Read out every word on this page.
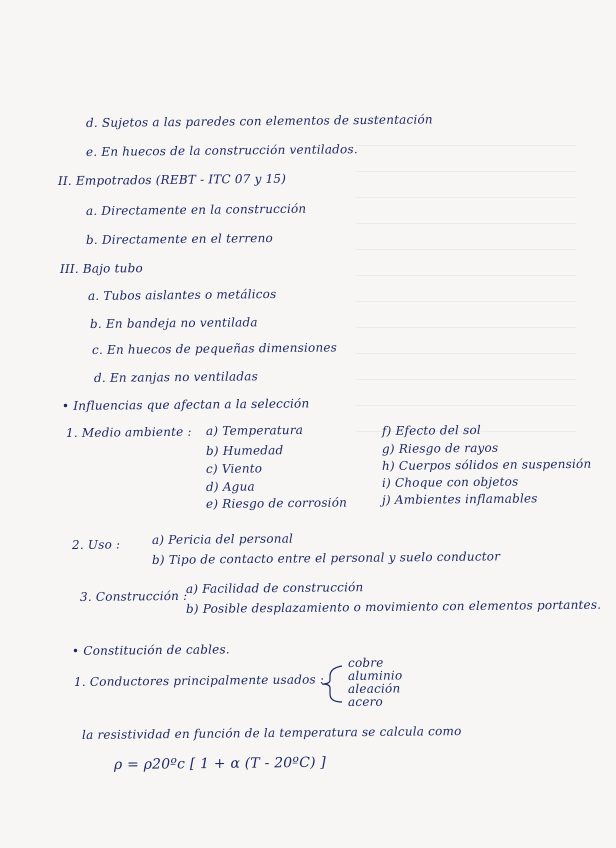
d. Sujetos a las paredes con elementos de sustentación
e. En huecos de la construcción ventilados.
II. Empotrados (REBT - ITC 07 y 15)
a. Directamente en la construcción
b. Directamente en el terreno
III. Bajo tubo
a. Tubos aislantes o metálicos
b. En bandeja no ventilada
c. En huecos de pequeñas dimensiones
d. En zanjas no ventiladas
• Influencias que afectan a la selección
1. Medio ambiente : a) Temperatura
b) Humedad
c) Viento
d) Agua
e) Riesgo de corrosión
f) Efecto del sol
g) Riesgo de rayos
h) Cuerpos sólidos en suspensión
i) Choque con objetos
j) Ambientes inflamables
2. Uso :	a) Pericia del personal
b) Tipo de contacto entre el personal y suelo conductor
3. Construcción :
a) Facilidad de construcción
b) Posible desplazamiento o movimiento con elementos portantes.
• Constitución de cables.
1. Conductores principalmente usados :
cobre
aluminio
aleación
acero
la resistividad en función de la temperatura se calcula como
ρ = ρ20ºc [ 1 + α (T - 20ºC) ]
